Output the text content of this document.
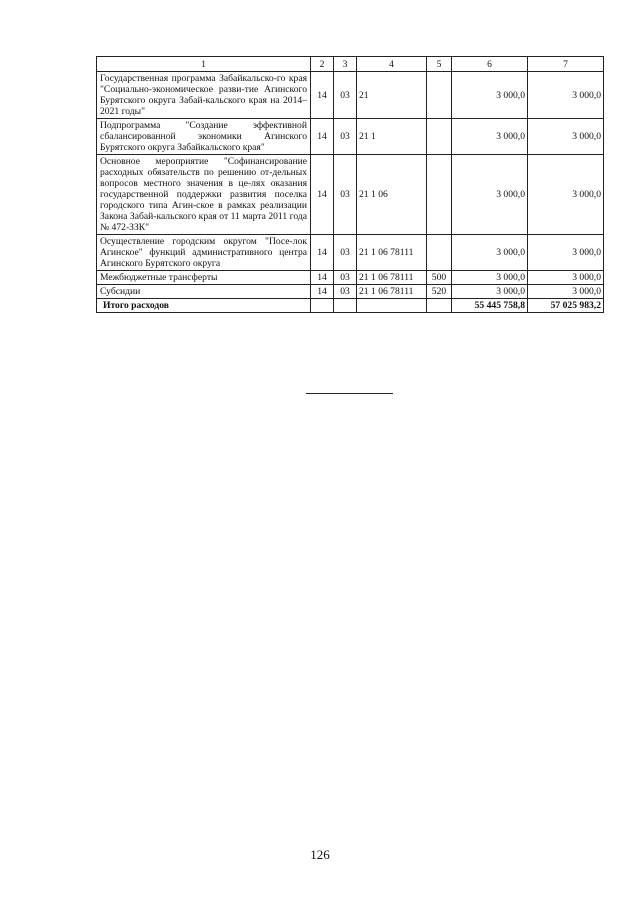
1	2	3	4	5	6	7
Государственная программа Забайкальско-го края "Социально-экономическое разви-тие Агинского Бурятского округа Забай-кальского края на 2014–2021 годы"	14	03	21		3 000,0	3 000,0
Подпрограмма "Создание эффективной сбалансированной экономики Агинского Бурятского округа Забайкальского края"	14	03	21 1		3 000,0	3 000,0
Основное мероприятие "Софинансирование расходных обязательств по решению от-дельных вопросов местного значения в це-лях оказания государственной поддержки развития поселка городского типа Агин-ское в рамках реализации Закона Забай-кальского края от 11 марта 2011 года № 472-ЗЗК"	14	03	21 1 06		3 000,0	3 000,0
Осуществление городским округом "Посе-лок Агинское" функций административного центра Агинского Бурятского округа	14	03	21 1 06 78111		3 000,0	3 000,0
Межбюджетные трансферты	14	03	21 1 06 78111	500	3 000,0	3 000,0
Субсидии	14	03	21 1 06 78111	520	3 000,0	3 000,0
Итого расходов					55 445 758,8	57 025 983,2
126
